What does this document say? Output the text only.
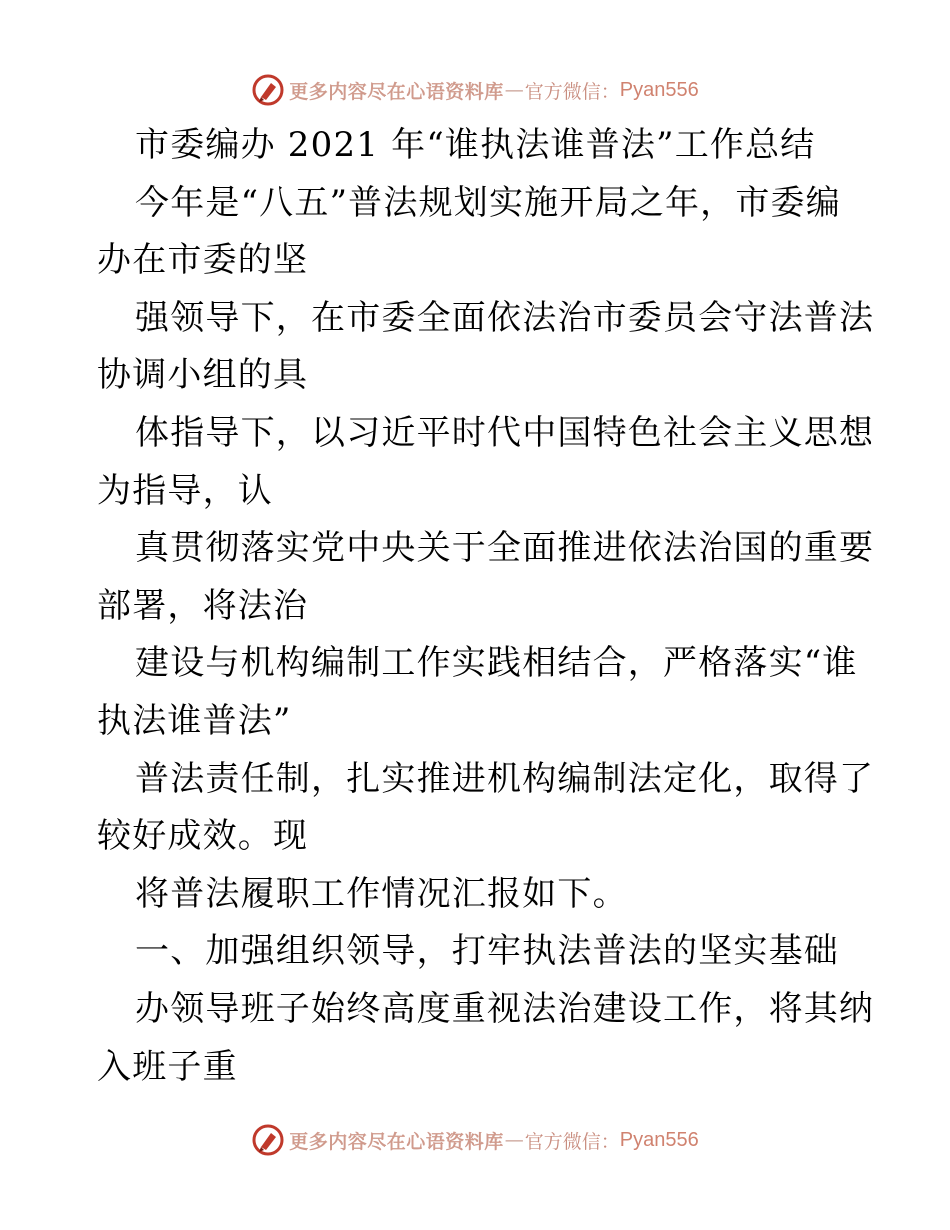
更多内容尽在心语资料库 — 官方微信： Pyan556
市委编办 2021 年“谁执法谁普法”工作总结
今年是“八五”普法规划实施开局之年，市委编
办在市委的坚
强领导下，在市委全面依法治市委员会守法普法
协调小组的具
体指导下，以习近平时代中国特色社会主义思想
为指导，认
真贯彻落实党中央关于全面推进依法治国的重要
部署，将法治
建设与机构编制工作实践相结合，严格落实“谁
执法谁普法”
普法责任制，扎实推进机构编制法定化，取得了
较好成效。现
将普法履职工作情况汇报如下。
一、加强组织领导，打牢执法普法的坚实基础
办领导班子始终高度重视法治建设工作，将其纳
入班子重
更多内容尽在心语资料库 — 官方微信： Pyan556
